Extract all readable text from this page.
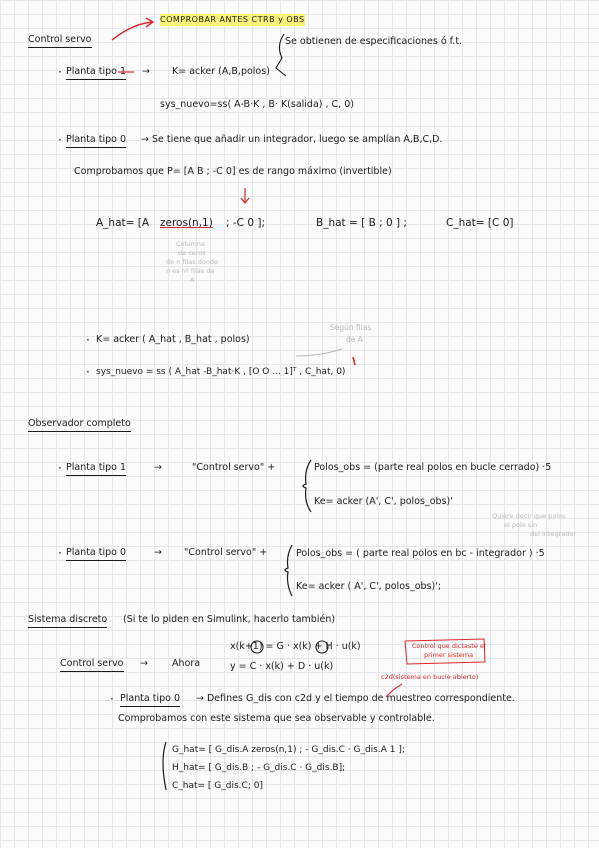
COMPROBAR ANTES CTRB y OBS
Control servo	Se obtienen de especificaciones ó f.t.
· Planta tipo 1 → K= acker (A,B,polos)
sys_nuevo=ss( A-B·K , B· K(salida) , C, 0)
· Planta tipo 0 → Se tiene que añadir un integrador, luego se amplían A,B,C,D.
Comprobamos que P= [A B ; -C 0] es de rango máximo (invertible)
A_hat= [A zeros(n,1) ; -C 0 ];	B_hat = [ B ; 0 ] ;	C_hat= [C 0]
Columna
de ceros
de n filas donde
n es nº filas de
A
Según filas
de A
· K= acker ( A_hat , B_hat , polos)
· sys_nuevo = ss ( A_hat -B_hat·K , [O O ... 1]ᵀ , C_hat, 0)
Observador completo
· Planta tipo 1	→	"Control servo" +	Polos_obs = (parte real polos en bucle cerrado) ·5
Ke= acker (A', C', polos_obs)'
Quiere decir que polos
el polo sin
del integrador
· Planta tipo 0	→ "Control servo" +	Polos_obs = ( parte real polos en bc - integrador ) ·5
Ke= acker ( A', C', polos_obs)';
Sistema discreto (Si te lo piden en Simulink, hacerlo también)
Control servo →	Ahora
x(k+1) = G · x(k) + H · u(k)
y = C · x(k) + D · u(k)
Control que dictaste el
primer sistema
c2d(sistema en bucle abierto)
· Planta tipo 0 → Defines G_dis con c2d y el tiempo de muestreo correspondiente.
Comprobamos con este sistema que sea observable y controlable.
G_hat= [ G_dis.A zeros(n,1) ; - G_dis.C · G_dis.A 1 ];
H_hat= [ G_dis.B ; - G_dis.C · G_dis.B];
C_hat= [ G_dis.C; 0]
